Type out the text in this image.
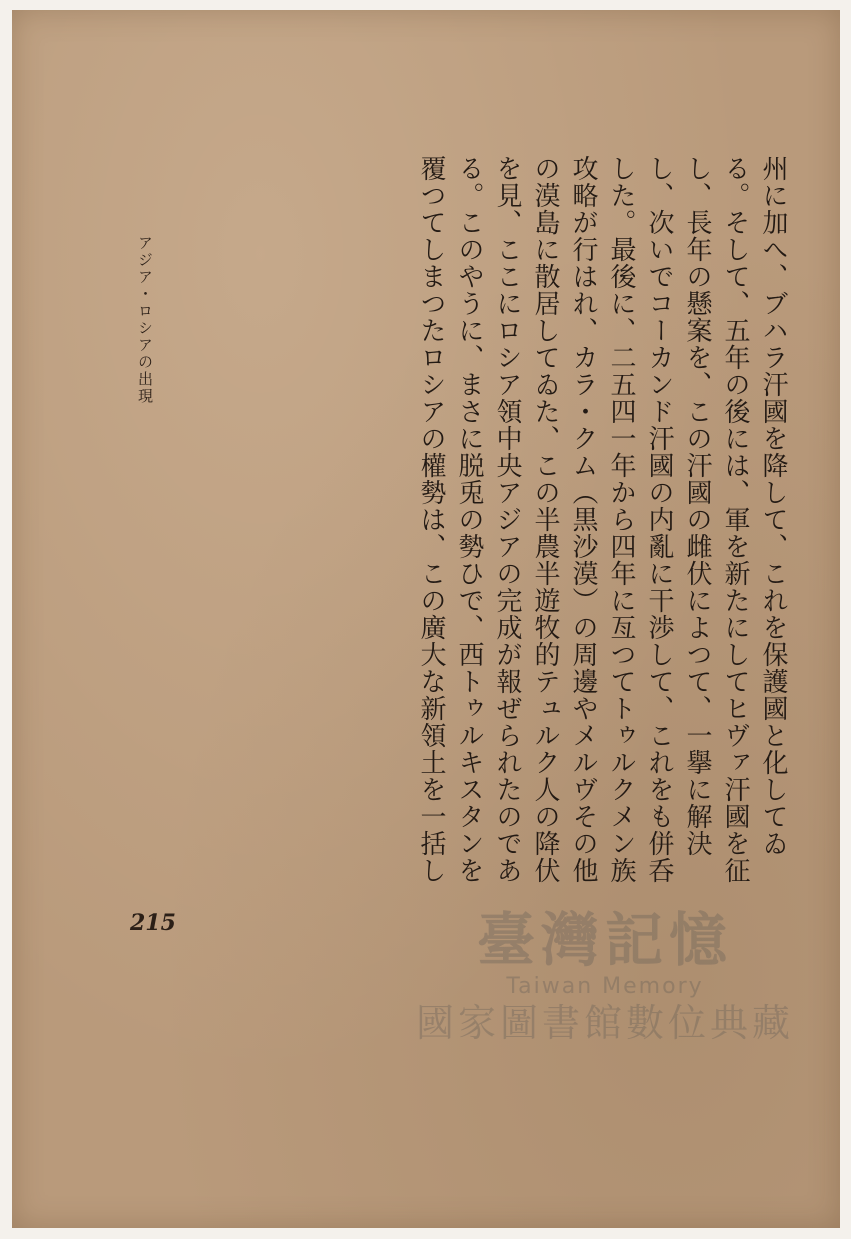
州に加へ、ブハラ汗國を降して、これを保護國と化してゐる。そして、五年の後には、軍を新たにしてヒヴァ汗國を征し、長年の懸案を、この汗國の雌伏によつて、一擧に解決し、次いでコーカンド汗國の内亂に干渉して、これをも併呑した。最後に、二五四一年から四年に亙つてトゥルクメン族攻略が行はれ、カラ・クム（黒沙漠）の周邊やメルヴその他の漠島に散居してゐた、この半農半遊牧的テュルク人の降伏を見、ここにロシア領中央アジアの完成が報ぜられたのである。このやうに、まさに脱兎の勢ひで、西トゥルキスタンを覆つてしまつたロシアの權勢は、この廣大な新領土を一括し

アジア・ロシアの出現
215	臺灣記憶
Taiwan Memory
國家圖書館數位典藏
